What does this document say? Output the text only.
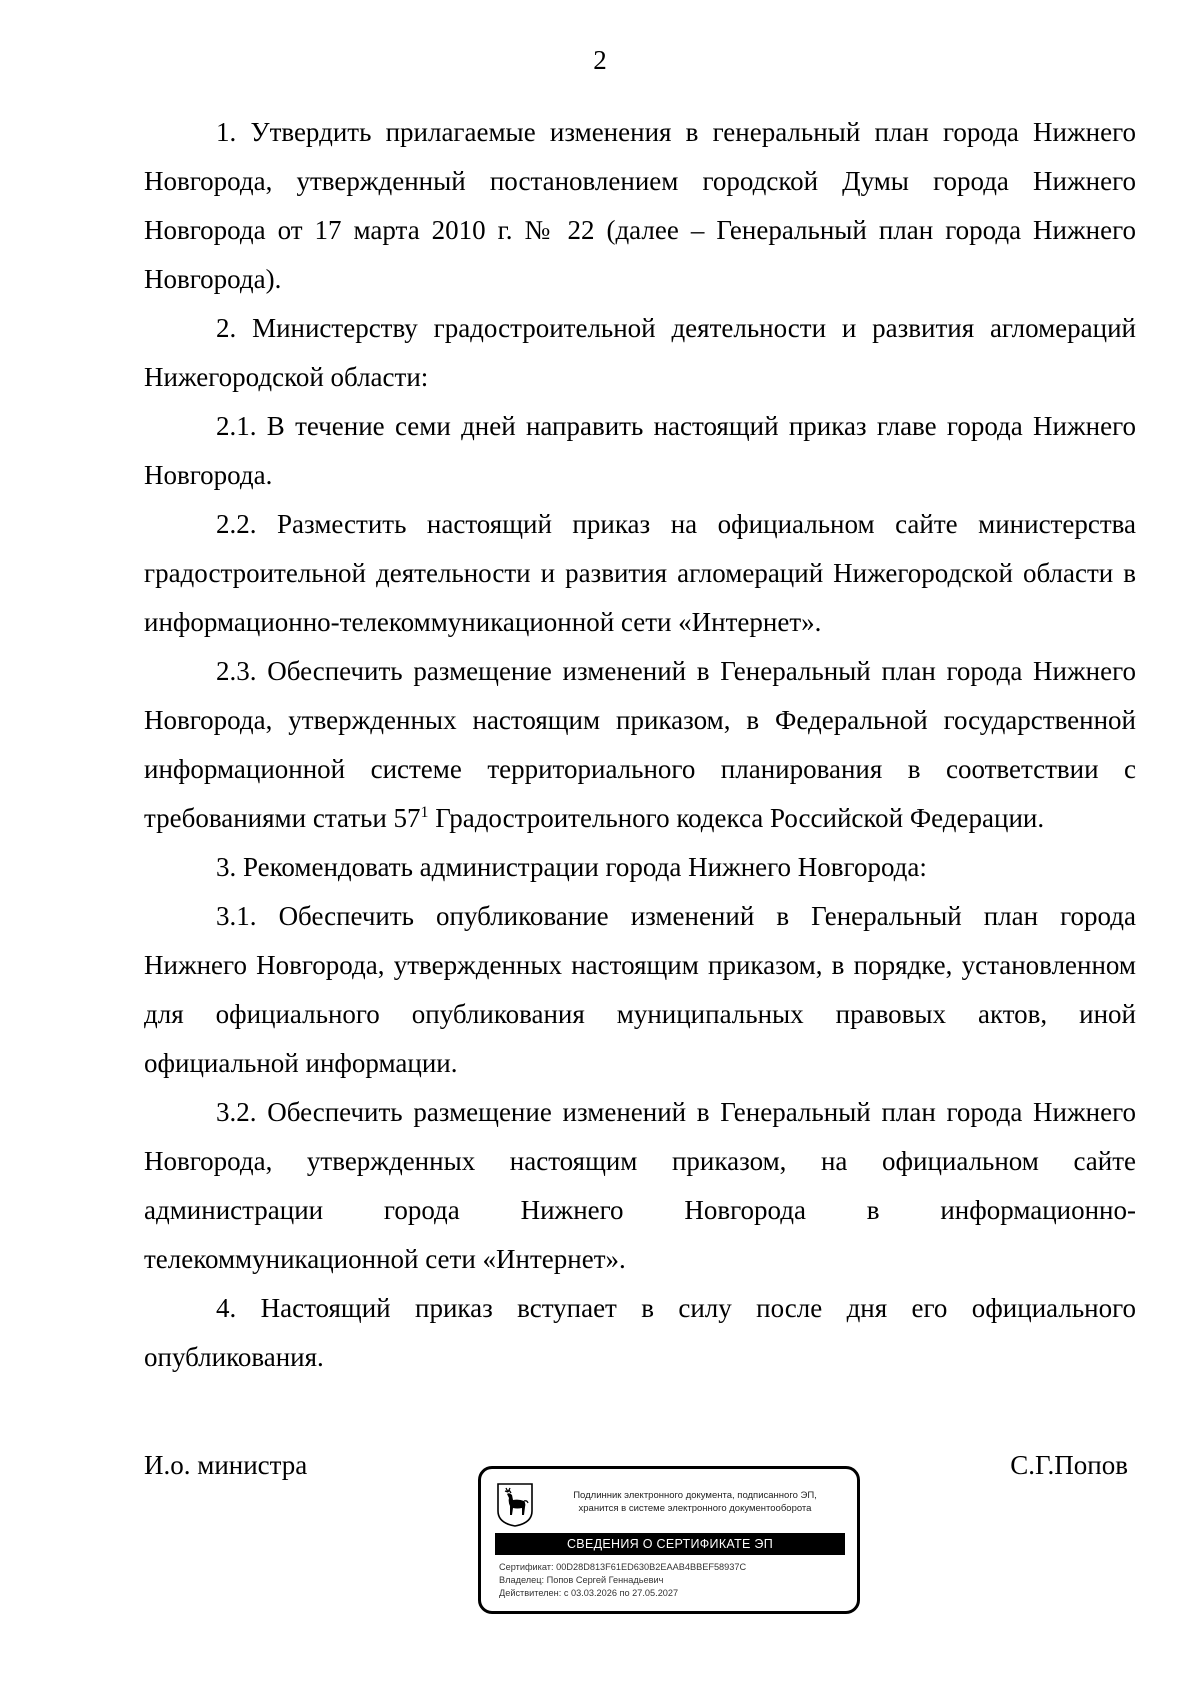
2

1. Утвердить прилагаемые изменения в генеральный план города Нижнего Новгорода, утвержденный постановлением городской Думы города Нижнего Новгорода от 17 марта 2010 г. № 22 (далее – Генеральный план города Нижнего Новгорода).

2. Министерству градостроительной деятельности и развития агломераций Нижегородской области:

2.1. В течение семи дней направить настоящий приказ главе города Нижнего Новгорода.

2.2. Разместить настоящий приказ на официальном сайте министерства градостроительной деятельности и развития агломераций Нижегородской области в информационно-телекоммуникационной сети «Интернет».

2.3. Обеспечить размещение изменений в Генеральный план города Нижнего Новгорода, утвержденных настоящим приказом, в Федеральной государственной информационной системе территориального планирования в соответствии с требованиями статьи $57^1$ Градостроительного кодекса Российской Федерации.

3. Рекомендовать администрации города Нижнего Новгорода:

3.1. Обеспечить опубликование изменений в Генеральный план города Нижнего Новгорода, утвержденных настоящим приказом, в порядке, установленном для официального опубликования муниципальных правовых актов, иной официальной информации.

3.2. Обеспечить размещение изменений в Генеральный план города Нижнего Новгорода, утвержденных настоящим приказом, на официальном сайте администрации города Нижнего Новгорода в информационно-телекоммуникационной сети «Интернет».

4. Настоящий приказ вступает в силу после дня его официального опубликования.

И.о. министра	С.Г.Попов
Подлинник электронного документа, подписанного ЭП,
хранится в системе электронного документооборота
СВЕДЕНИЯ О СЕРТИФИКАТЕ ЭП
Сертификат: 00D28D813F61ED630B2EAAB4BBEF58937C
Владелец: Попов Сергей Геннадьевич
Действителен: с 03.03.2026 по 27.05.2027
